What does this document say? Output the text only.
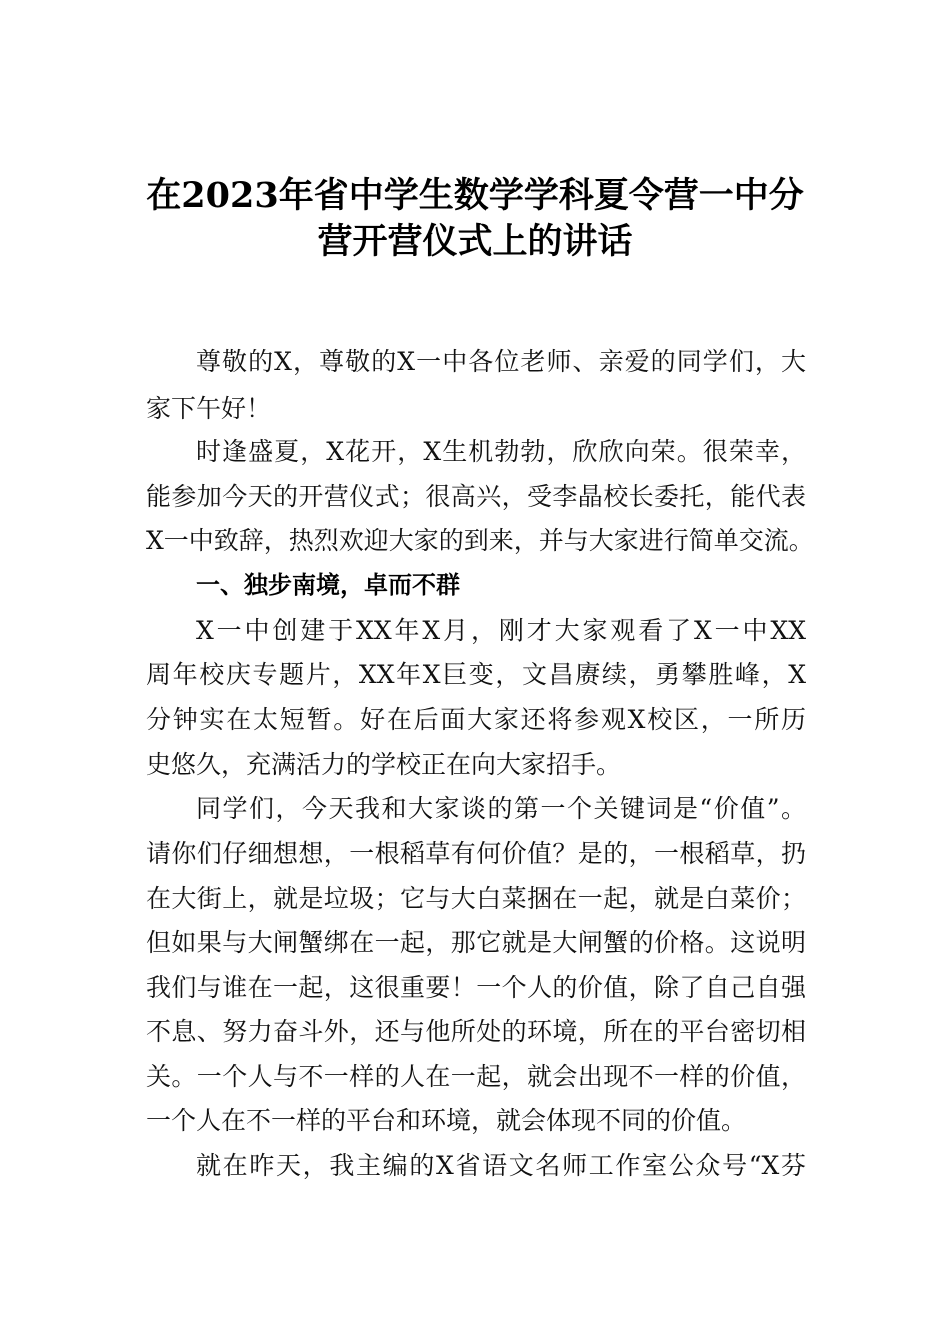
在2023年省中学生数学学科夏令营一中分
营开营仪式上的讲话

尊敬的X，尊敬的X一中各位老师、亲爱的同学们，大

家下午好！

时逢盛夏，X花开，X生机勃勃，欣欣向荣。很荣幸，

能参加今天的开营仪式；很高兴，受李晶校长委托，能代表

X一中致辞，热烈欢迎大家的到来，并与大家进行简单交流。

一、独步南境，卓而不群

X一中创建于XX年X月，刚才大家观看了X一中XX

周年校庆专题片，XX年X巨变，文昌赓续，勇攀胜峰，X

分钟实在太短暂。好在后面大家还将参观X校区，一所历

史悠久，充满活力的学校正在向大家招手。

同学们，今天我和大家谈的第一个关键词是“价值”。

请你们仔细想想，一根稻草有何价值？是的，一根稻草，扔

在大街上，就是垃圾；它与大白菜捆在一起，就是白菜价；

但如果与大闸蟹绑在一起，那它就是大闸蟹的价格。这说明

我们与谁在一起，这很重要！一个人的价值，除了自己自强

不息、努力奋斗外，还与他所处的环境，所在的平台密切相

关。一个人与不一样的人在一起，就会出现不一样的价值，

一个人在不一样的平台和环境，就会体现不同的价值。

就在昨天，我主编的X省语文名师工作室公众号“X芬
